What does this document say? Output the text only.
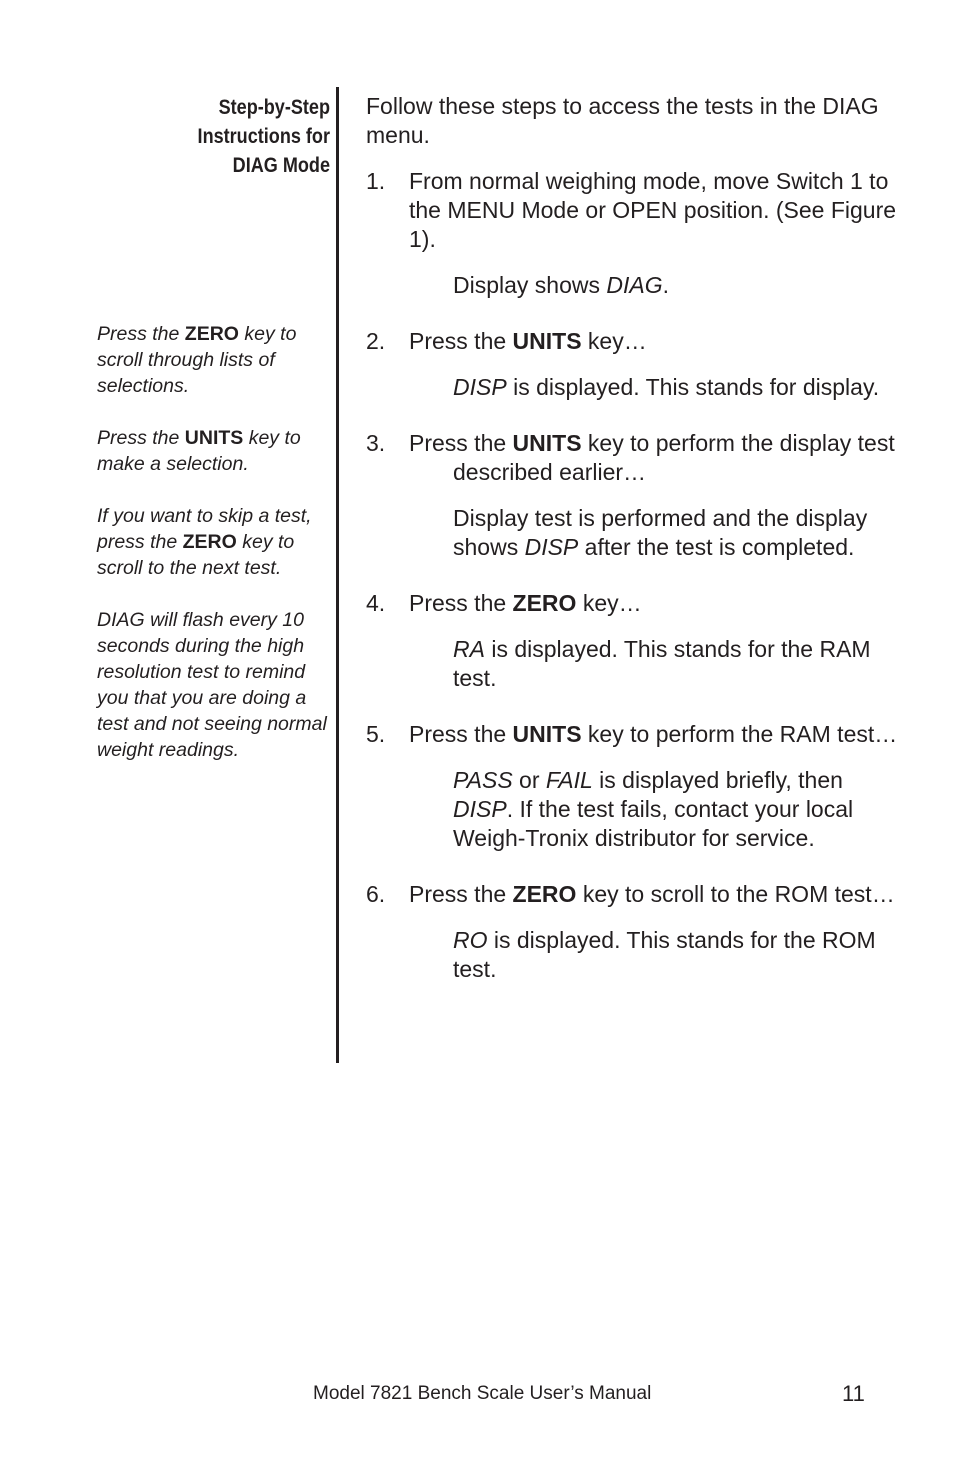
Step-by-Step
Instructions for
DIAG Mode

Press the ZERO key to scroll through lists of selections.

Press the UNITS key to make a selection.

If you want to skip a test, press the ZERO key to scroll to the next test.

DIAG will flash every 10 seconds during the high resolution test to remind you that you are doing a test and not seeing normal weight readings.

Follow these steps to access the tests in the DIAG menu.

1. From normal weighing mode, move Switch 1 to the MENU Mode or OPEN position. (See Figure 1).

Display shows DIAG.

2. Press the UNITS key…

DISP is displayed. This stands for display.

3. Press the UNITS key to perform the display test described earlier…

Display test is performed and the display shows DISP after the test is completed.

4. Press the ZERO key…

RA is displayed. This stands for the RAM test.

5. Press the UNITS key to perform the RAM test…

PASS or FAIL is displayed briefly, then DISP. If the test fails, contact your local Weigh-Tronix distributor for service.

6. Press the ZERO key to scroll to the ROM test…

RO is displayed. This stands for the ROM test.

Model 7821 Bench Scale User’s Manual	11
